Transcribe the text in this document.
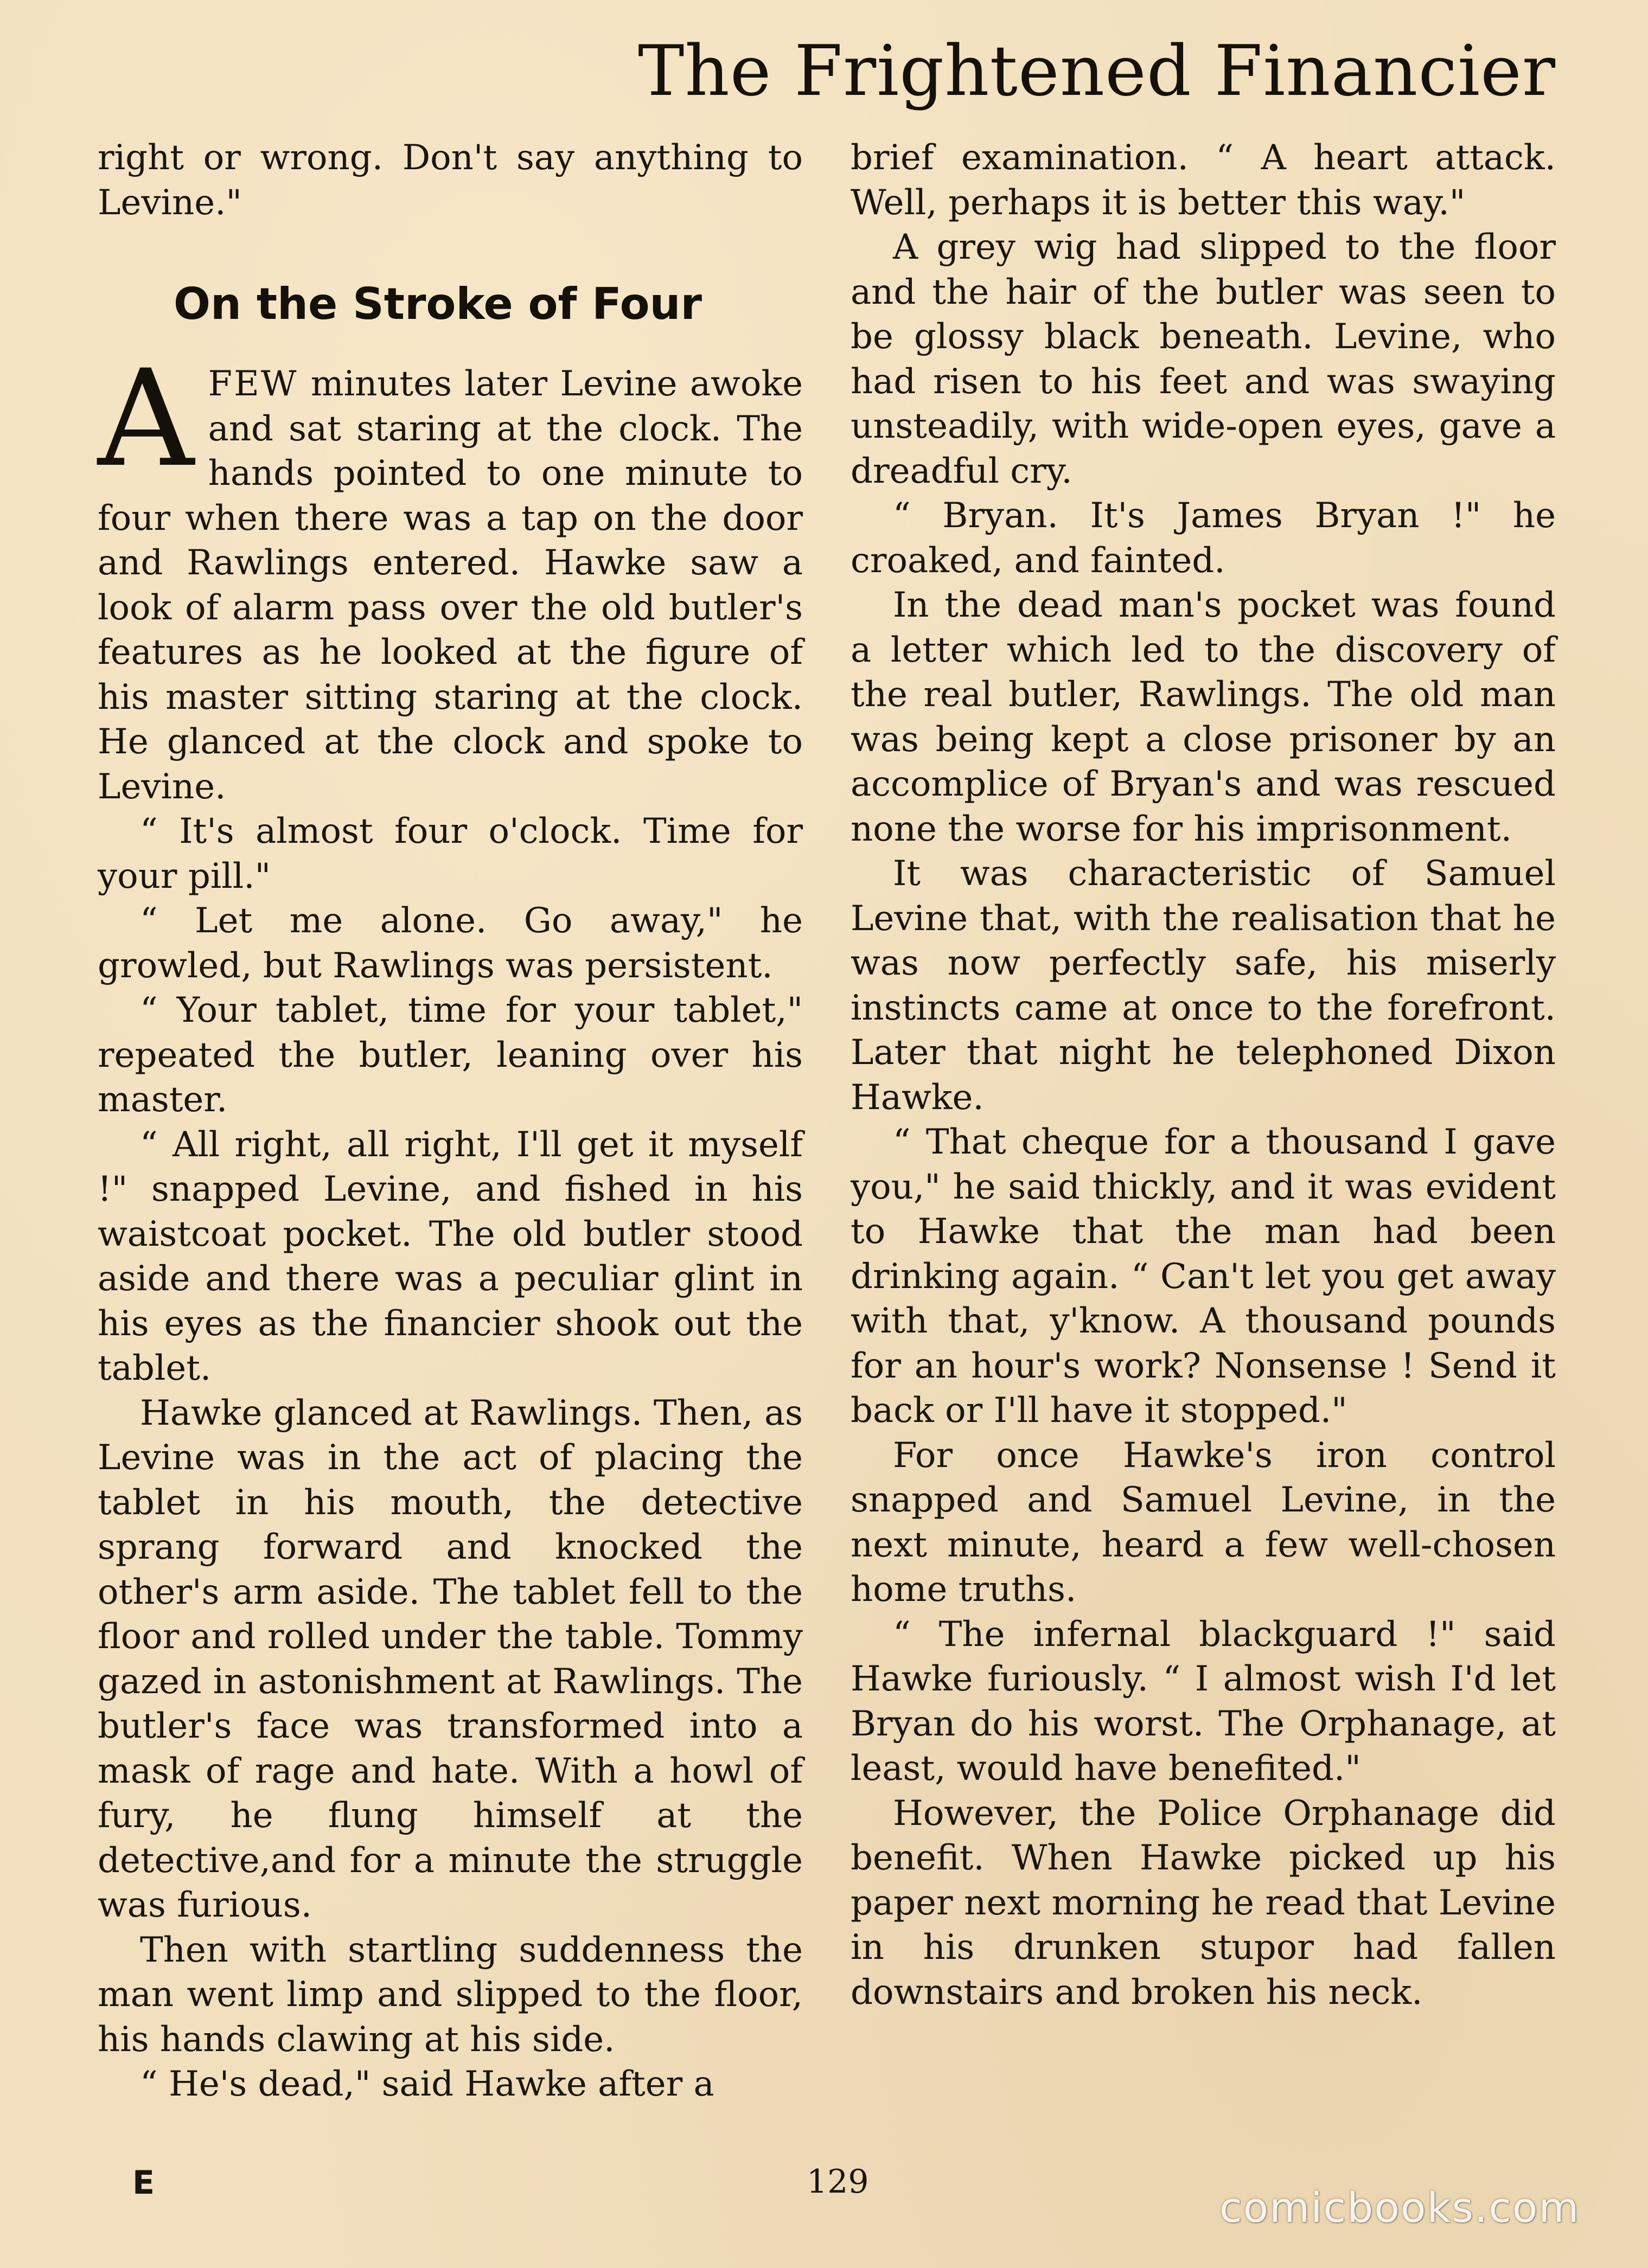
The Frightened Financier

right or wrong. Don't say anything to Levine."

On the Stroke of Four

AFEW minutes later Levine awoke and sat staring at the clock. The hands pointed to one minute to four when there was a tap on the door and Rawlings entered. Hawke saw a look of alarm pass over the old butler's features as he looked at the figure of his master sitting staring at the clock. He glanced at the clock and spoke to Levine.

“ It's almost four o'clock. Time for your pill."

“ Let me alone. Go away," he growled, but Rawlings was persistent.

“ Your tablet, time for your tablet," repeated the butler, leaning over his master.

“ All right, all right, I'll get it myself !" snapped Levine, and fished in his waistcoat pocket. The old butler stood aside and there was a peculiar glint in his eyes as the financier shook out the tablet.

Hawke glanced at Rawlings. Then, as Levine was in the act of placing the tablet in his mouth, the detective sprang forward and knocked the other's arm aside. The tablet fell to the floor and rolled under the table. Tommy gazed in astonishment at Rawlings. The butler's face was transformed into a mask of rage and hate. With a howl of fury, he flung himself at the detective,and for a minute the struggle was furious.

Then with startling suddenness the man went limp and slipped to the floor, his hands clawing at his side.

“ He's dead," said Hawke after a

brief examination. “ A heart attack. Well, perhaps it is better this way."

A grey wig had slipped to the floor and the hair of the butler was seen to be glossy black beneath. Levine, who had risen to his feet and was swaying unsteadily, with wide-open eyes, gave a dreadful cry.

“ Bryan. It's James Bryan !" he croaked, and fainted.

In the dead man's pocket was found a letter which led to the discovery of the real butler, Rawlings. The old man was being kept a close prisoner by an accomplice of Bryan's and was rescued none the worse for his imprisonment.

It was characteristic of Samuel Levine that, with the realisation that he was now perfectly safe, his miserly instincts came at once to the forefront. Later that night he telephoned Dixon Hawke.

“ That cheque for a thousand I gave you," he said thickly, and it was evident to Hawke that the man had been drinking again. “ Can't let you get away with that, y'know. A thousand pounds for an hour's work? Nonsense ! Send it back or I'll have it stopped."

For once Hawke's iron control snapped and Samuel Levine, in the next minute, heard a few well-chosen home truths.

“ The infernal blackguard !" said Hawke furiously. “ I almost wish I'd let Bryan do his worst. The Orphanage, at least, would have benefited."

However, the Police Orphanage did benefit. When Hawke picked up his paper next morning he read that Levine in his drunken stupor had fallen downstairs and broken his neck.

E	129
comicbooks.com
